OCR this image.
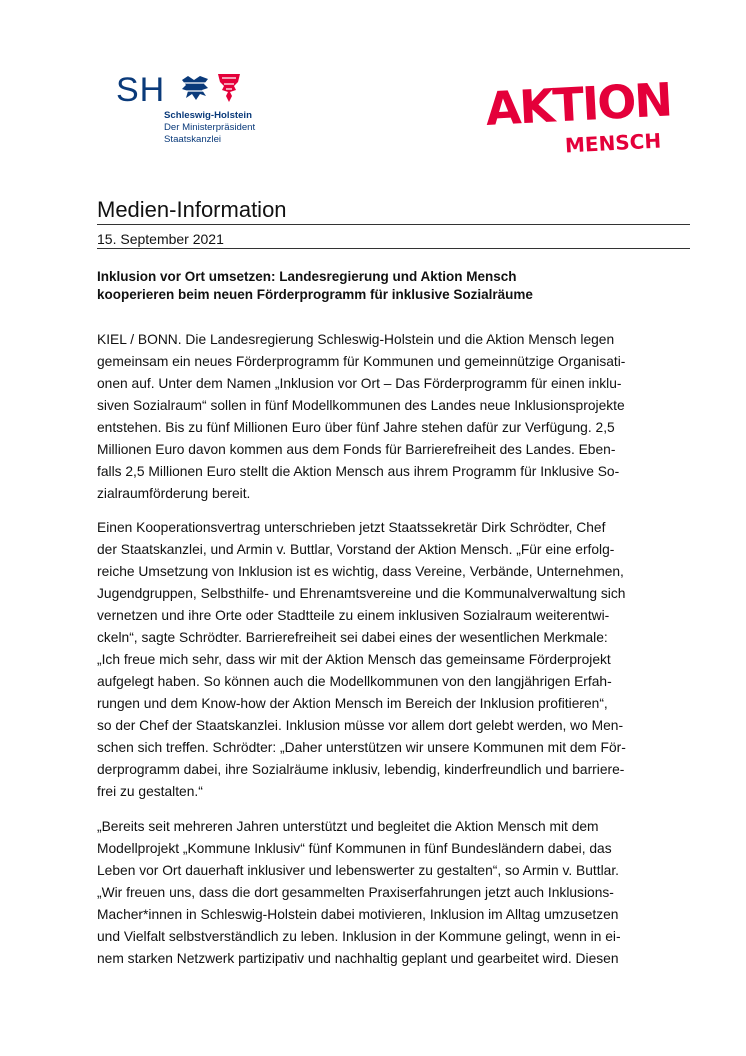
SH
Schleswig-Holstein
Der Ministerpräsident
Staatskanzlei
AKTION
MENSCH
Medien-Information
15. September 2021
Inklusion vor Ort umsetzen: Landesregierung und Aktion Mensch
kooperieren beim neuen Förderprogramm für inklusive Sozialräume
KIEL / BONN. Die Landesregierung Schleswig-Holstein und die Aktion Mensch legen
gemeinsam ein neues Förderprogramm für Kommunen und gemeinnützige Organisati-
onen auf. Unter dem Namen „Inklusion vor Ort – Das Förderprogramm für einen inklu-
siven Sozialraum“ sollen in fünf Modellkommunen des Landes neue Inklusionsprojekte
entstehen. Bis zu fünf Millionen Euro über fünf Jahre stehen dafür zur Verfügung. 2,5
Millionen Euro davon kommen aus dem Fonds für Barrierefreiheit des Landes. Eben-
falls 2,5 Millionen Euro stellt die Aktion Mensch aus ihrem Programm für Inklusive So-
zialraumförderung bereit.
Einen Kooperationsvertrag unterschrieben jetzt Staatssekretär Dirk Schrödter, Chef
der Staatskanzlei, und Armin v. Buttlar, Vorstand der Aktion Mensch. „Für eine erfolg-
reiche Umsetzung von Inklusion ist es wichtig, dass Vereine, Verbände, Unternehmen,
Jugendgruppen, Selbsthilfe- und Ehrenamtsvereine und die Kommunalverwaltung sich
vernetzen und ihre Orte oder Stadtteile zu einem inklusiven Sozialraum weiterentwi-
ckeln“, sagte Schrödter. Barrierefreiheit sei dabei eines der wesentlichen Merkmale:
„Ich freue mich sehr, dass wir mit der Aktion Mensch das gemeinsame Förderprojekt
aufgelegt haben. So können auch die Modellkommunen von den langjährigen Erfah-
rungen und dem Know-how der Aktion Mensch im Bereich der Inklusion profitieren“,
so der Chef der Staatskanzlei. Inklusion müsse vor allem dort gelebt werden, wo Men-
schen sich treffen. Schrödter: „Daher unterstützen wir unsere Kommunen mit dem För-
derprogramm dabei, ihre Sozialräume inklusiv, lebendig, kinderfreundlich und barriere-
frei zu gestalten.“
„Bereits seit mehreren Jahren unterstützt und begleitet die Aktion Mensch mit dem
Modellprojekt „Kommune Inklusiv“ fünf Kommunen in fünf Bundesländern dabei, das
Leben vor Ort dauerhaft inklusiver und lebenswerter zu gestalten“, so Armin v. Buttlar.
„Wir freuen uns, dass die dort gesammelten Praxiserfahrungen jetzt auch Inklusions-
Macher*innen in Schleswig-Holstein dabei motivieren, Inklusion im Alltag umzusetzen
und Vielfalt selbstverständlich zu leben. Inklusion in der Kommune gelingt, wenn in ei-
nem starken Netzwerk partizipativ und nachhaltig geplant und gearbeitet wird. Diesen
